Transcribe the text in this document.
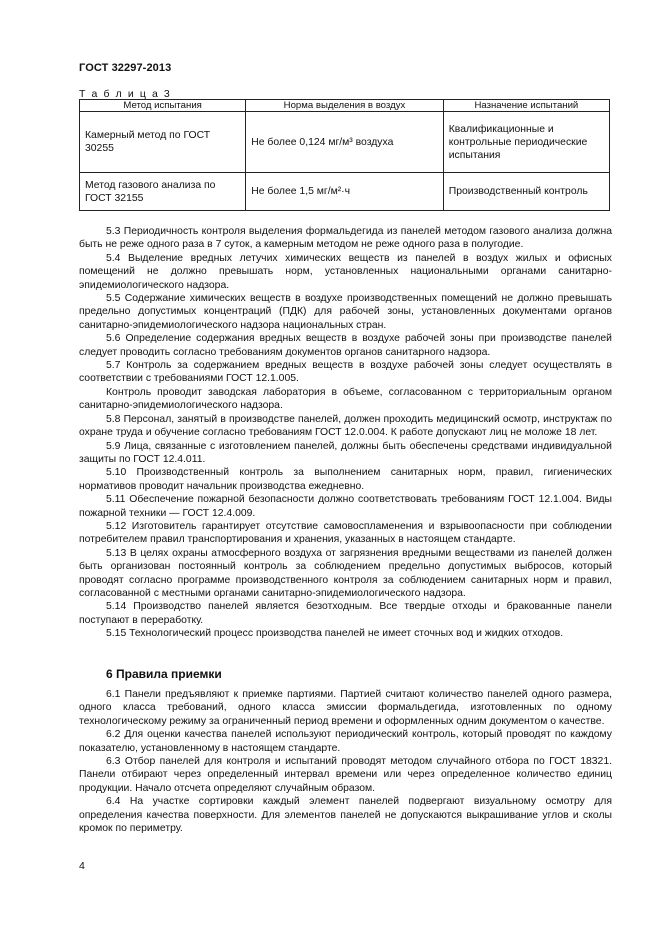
ГОСТ 32297-2013
Т а б л и ц а 3
Метод испытания	Норма выделения в воздух	Назначение испытаний
Камерный метод по ГОСТ 30255	Не более 0,124 мг/м³ воздуха	Квалификационные и контрольные периодические испытания
Метод газового анализа по ГОСТ 32155	Не более 1,5 мг/м²·ч	Производственный контроль

5.3 Периодичность контроля выделения формальдегида из панелей методом газового анализа должна быть не реже одного раза в 7 суток, а камерным методом не реже одного раза в полугодие.

5.4 Выделение вредных летучих химических веществ из панелей в воздух жилых и офисных помещений не должно превышать норм, установленных национальными органами санитарно-эпидемиологического надзора.

5.5 Содержание химических веществ в воздухе производственных помещений не должно превышать предельно допустимых концентраций (ПДК) для рабочей зоны, установленных документами органов санитарно-эпидемиологического надзора национальных стран.

5.6 Определение содержания вредных веществ в воздухе рабочей зоны при производстве панелей следует проводить согласно требованиям документов органов санитарного надзора.

5.7 Контроль за содержанием вредных веществ в воздухе рабочей зоны следует осуществлять в соответствии с требованиями ГОСТ 12.1.005.

Контроль проводит заводская лаборатория в объеме, согласованном с территориальным органом санитарно-эпидемиологического надзора.

5.8 Персонал, занятый в производстве панелей, должен проходить медицинский осмотр, инструктаж по охране труда и обучение согласно требованиям ГОСТ 12.0.004. К работе допускают лиц не моложе 18 лет.

5.9 Лица, связанные с изготовлением панелей, должны быть обеспечены средствами индивидуальной защиты по ГОСТ 12.4.011.

5.10 Производственный контроль за выполнением санитарных норм, правил, гигиенических нормативов проводит начальник производства ежедневно.

5.11 Обеспечение пожарной безопасности должно соответствовать требованиям ГОСТ 12.1.004. Виды пожарной техники — ГОСТ 12.4.009.

5.12 Изготовитель гарантирует отсутствие самовоспламенения и взрывоопасности при соблюдении потребителем правил транспортирования и хранения, указанных в настоящем стандарте.

5.13 В целях охраны атмосферного воздуха от загрязнения вредными веществами из панелей должен быть организован постоянный контроль за соблюдением предельно допустимых выбросов, который проводят согласно программе производственного контроля за соблюдением санитарных норм и правил, согласованной с местными органами санитарно-эпидемиологического надзора.

5.14 Производство панелей является безотходным. Все твердые отходы и бракованные панели поступают в переработку.

5.15 Технологический процесс производства панелей не имеет сточных вод и жидких отходов.

6 Правила приемки

6.1 Панели предъявляют к приемке партиями. Партией считают количество панелей одного размера, одного класса требований, одного класса эмиссии формальдегида, изготовленных по одному технологическому режиму за ограниченный период времени и оформленных одним документом о качестве.

6.2 Для оценки качества панелей используют периодический контроль, который проводят по каждому показателю, установленному в настоящем стандарте.

6.3 Отбор панелей для контроля и испытаний проводят методом случайного отбора по ГОСТ 18321. Панели отбирают через определенный интервал времени или через определенное количество единиц продукции. Начало отсчета определяют случайным образом.

6.4 На участке сортировки каждый элемент панелей подвергают визуальному осмотру для определения качества поверхности. Для элементов панелей не допускаются выкрашивание углов и сколы кромок по периметру.

4
